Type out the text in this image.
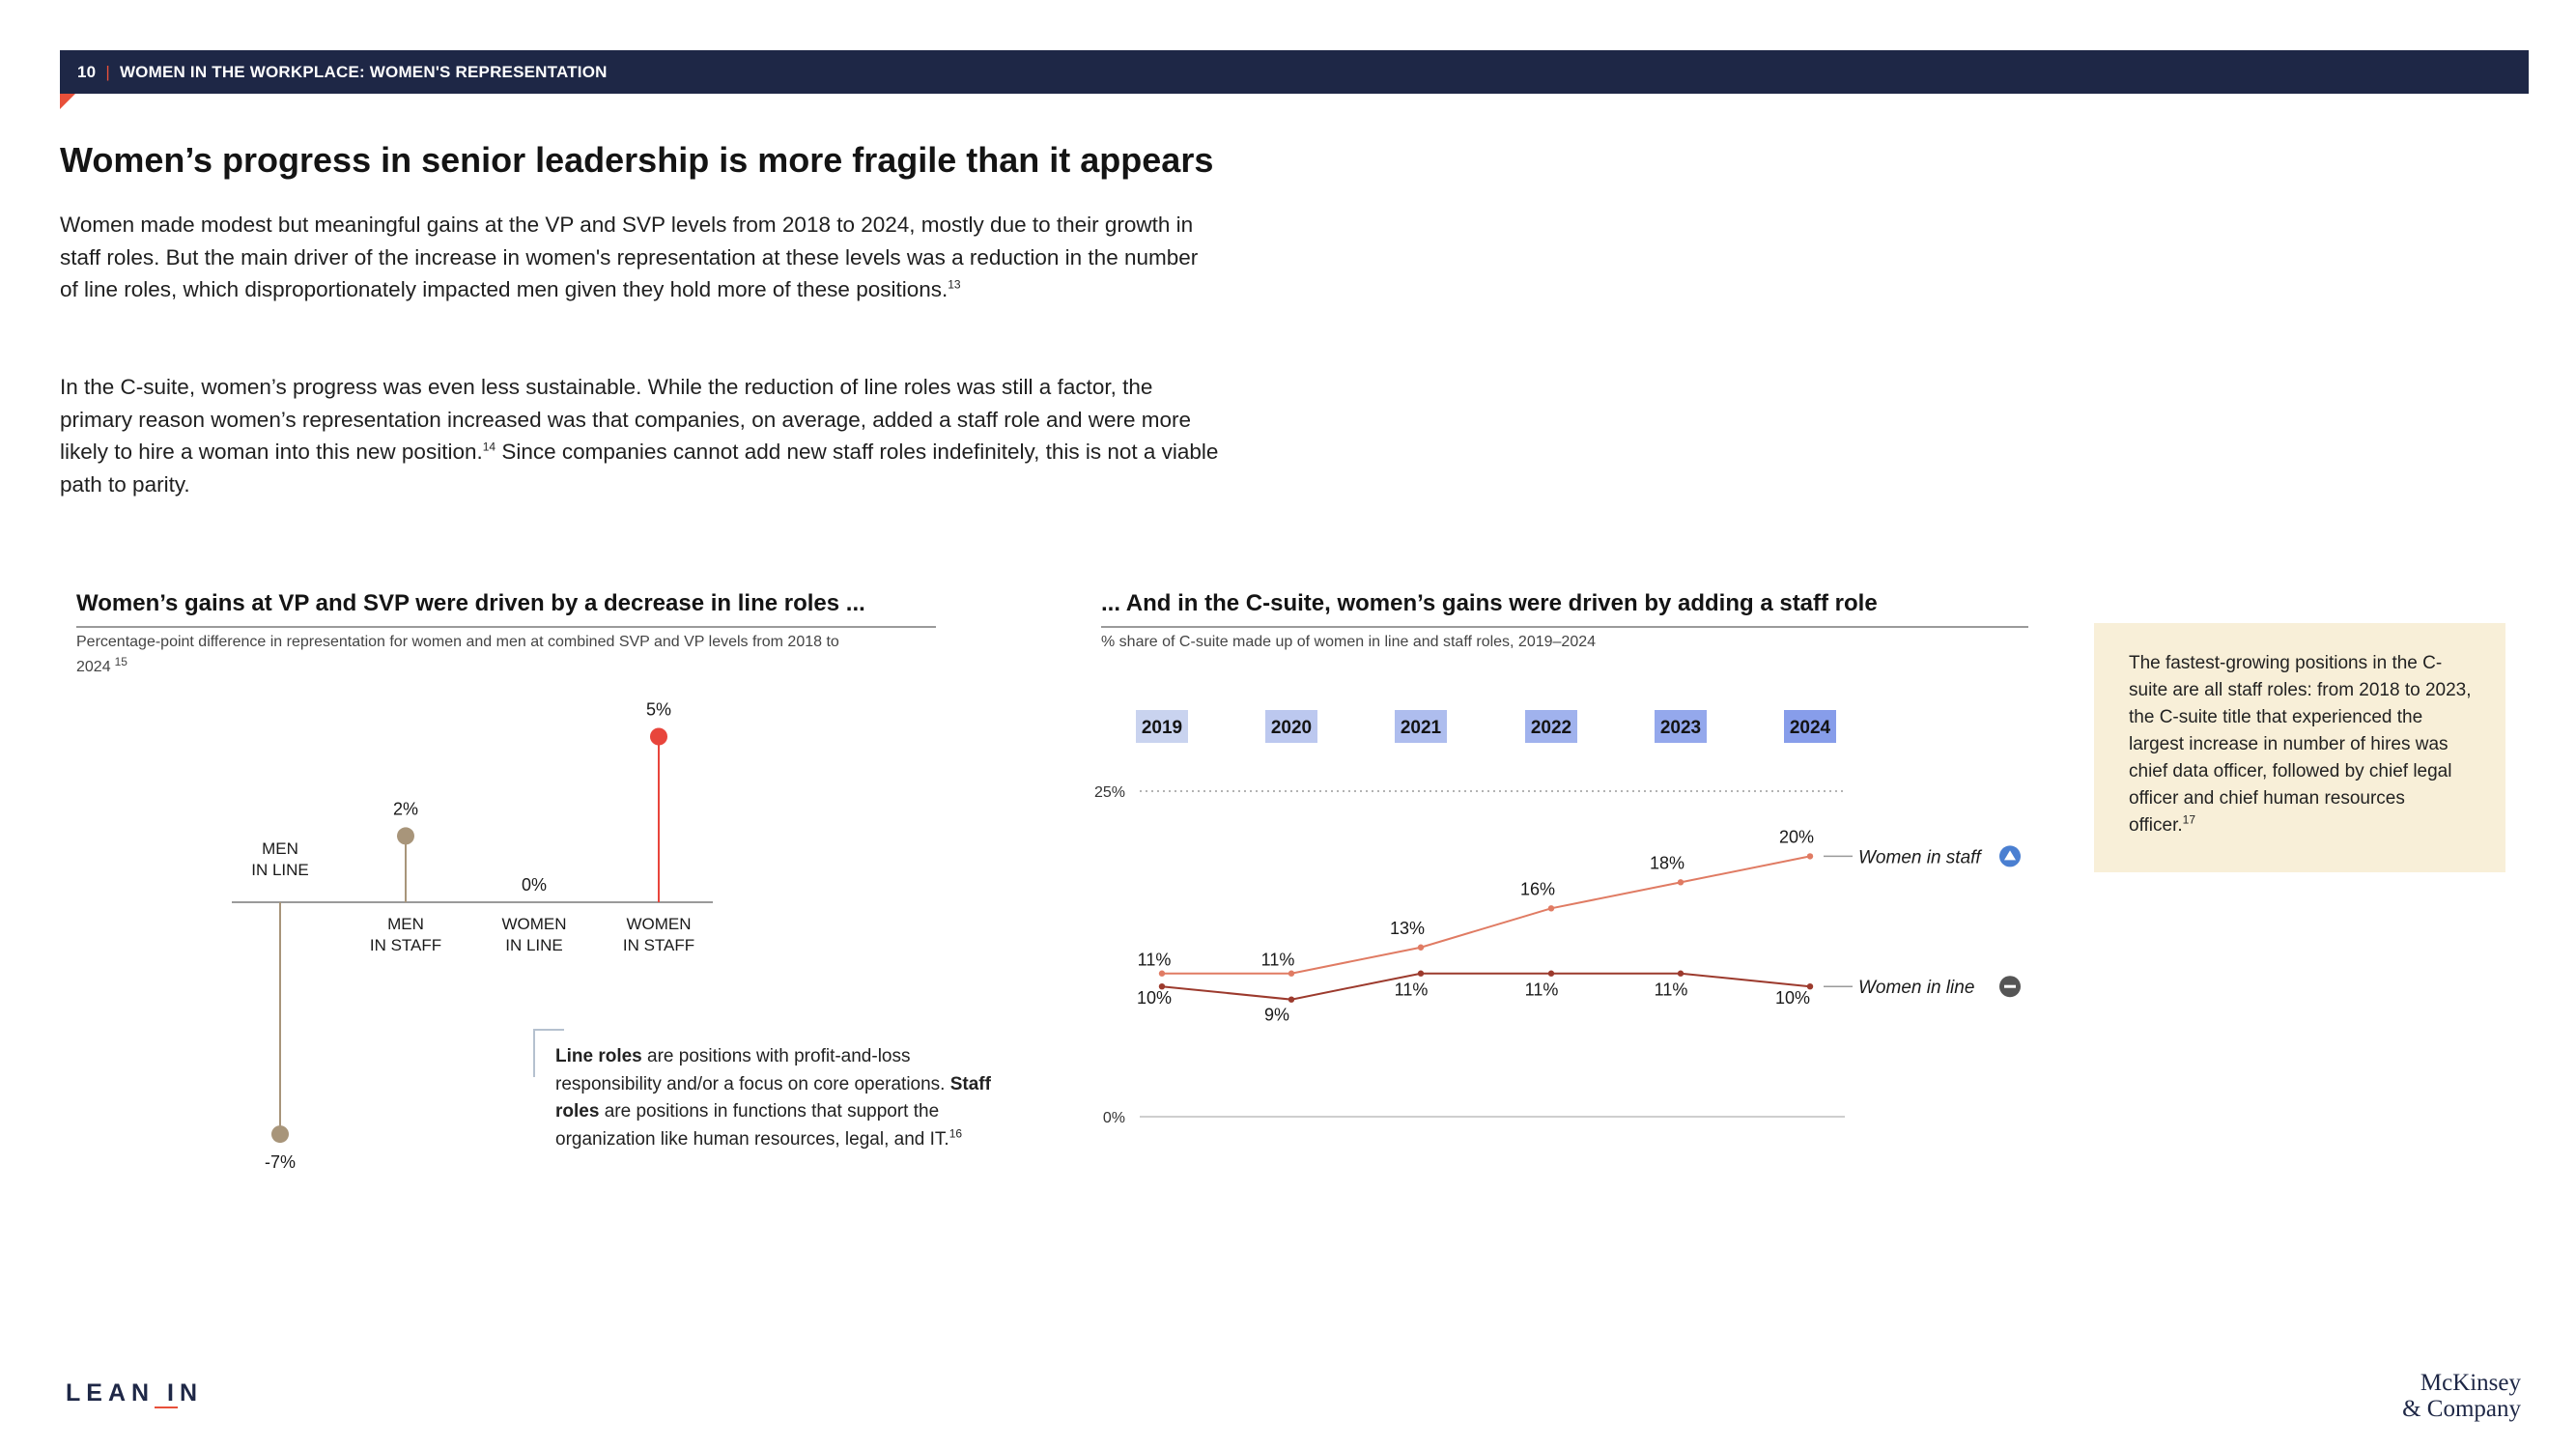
10 | WOMEN IN THE WORKPLACE: WOMEN'S REPRESENTATION
Women’s progress in senior leadership is more fragile than it appears
Women made modest but meaningful gains at the VP and SVP levels from 2018 to 2024, mostly due to their growth in staff roles. But the main driver of the increase in women's representation at these levels was a reduction in the number of line roles, which disproportionately impacted men given they hold more of these positions.$^{13}$
In the C-suite, women’s progress was even less sustainable. While the reduction of line roles was still a factor, the primary reason women’s representation increased was that companies, on average, added a staff role and were more likely to hire a woman into this new position.$^{14}$ Since companies cannot add new staff roles indefinitely, this is not a viable path to parity.
Women’s gains at VP and SVP were driven by a decrease in line roles ...
Percentage-point difference in representation for women and men at combined SVP and VP levels from 2018 to 2024 $^{15}$
... And in the C-suite, women’s gains were driven by adding a staff role
% share of C-suite made up of women in line and staff roles, 2019–2024
-7%
MEN
IN LINE
2%
MEN
IN STAFF
0%
WOMEN
IN LINE
5%
WOMEN
IN STAFF
0%
25%
2019	2020	2021	2022	2023	2024
11%	11%
13%
16%
18%
20%
10%
9%
11%	11%	11%	10%
Women in staff
Women in line
Line roles are positions with profit-and-loss responsibility and/or a focus on core operations. Staff roles are positions in functions that support the organization like human resources, legal, and IT.$^{16}$
The fastest-growing positions in the C-suite are all staff roles: from 2018 to 2023, the C-suite title that experienced the largest increase in number of hires was chief data officer, followed by chief legal officer and chief human resources officer.$^{17}$
LEAN IN	McKinsey
& Company
